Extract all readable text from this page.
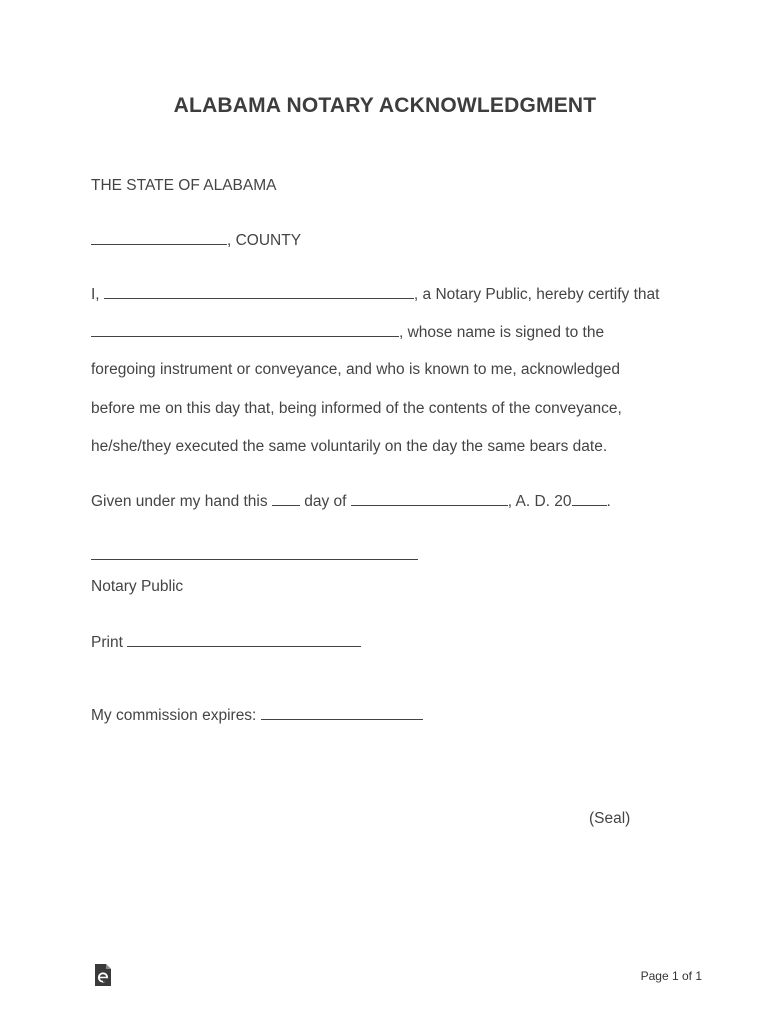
ALABAMA NOTARY ACKNOWLEDGMENT
THE STATE OF ALABAMA
, COUNTY
I,	, a Notary Public, hereby certify that
, whose name is signed to the
foregoing instrument or conveyance, and who is known to me, acknowledged
before me on this day that, being informed of the contents of the conveyance,
he/she/they executed the same voluntarily on the day the same bears date.
Given under my hand this  day of	, A. D. 20 .
Notary Public
Print
My commission expires:
(Seal)
Page 1 of 1
